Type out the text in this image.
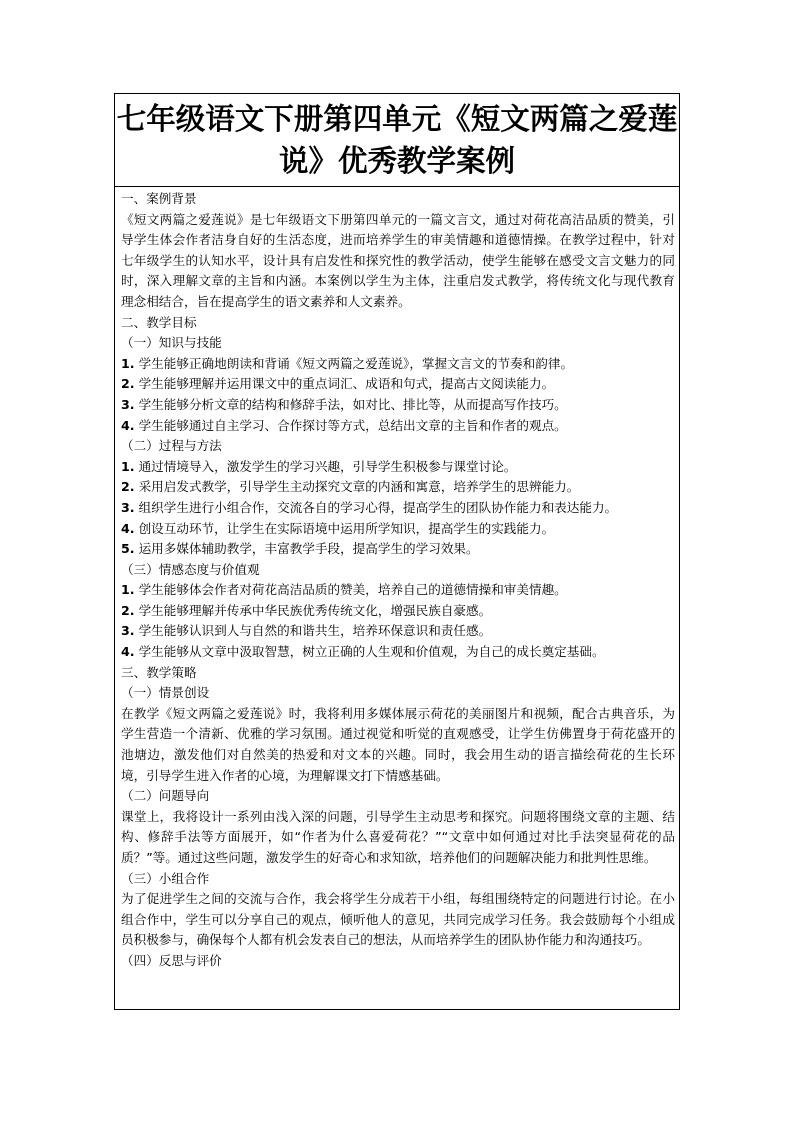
七年级语文下册第四单元《短文两篇之爱莲说》优秀教学案例

一、案例背景

《短文两篇之爱莲说》是七年级语文下册第四单元的一篇文言文，通过对荷花高洁品质的赞美，引导学生体会作者洁身自好的生活态度，进而培养学生的审美情趣和道德情操。在教学过程中，针对七年级学生的认知水平，设计具有启发性和探究性的教学活动，使学生能够在感受文言文魅力的同时，深入理解文章的主旨和内涵。本案例以学生为主体，注重启发式教学，将传统文化与现代教育理念相结合，旨在提高学生的语文素养和人文素养。

二、教学目标

（一）知识与技能

1. 学生能够正确地朗读和背诵《短文两篇之爱莲说》，掌握文言文的节奏和韵律。

2. 学生能够理解并运用课文中的重点词汇、成语和句式，提高古文阅读能力。

3. 学生能够分析文章的结构和修辞手法，如对比、排比等，从而提高写作技巧。

4. 学生能够通过自主学习、合作探讨等方式，总结出文章的主旨和作者的观点。

（二）过程与方法

1. 通过情境导入，激发学生的学习兴趣，引导学生积极参与课堂讨论。

2. 采用启发式教学，引导学生主动探究文章的内涵和寓意，培养学生的思辨能力。

3. 组织学生进行小组合作，交流各自的学习心得，提高学生的团队协作能力和表达能力。

4. 创设互动环节，让学生在实际语境中运用所学知识，提高学生的实践能力。

5. 运用多媒体辅助教学，丰富教学手段，提高学生的学习效果。

（三）情感态度与价值观

1. 学生能够体会作者对荷花高洁品质的赞美，培养自己的道德情操和审美情趣。

2. 学生能够理解并传承中华民族优秀传统文化，增强民族自豪感。

3. 学生能够认识到人与自然的和谐共生，培养环保意识和责任感。

4. 学生能够从文章中汲取智慧，树立正确的人生观和价值观，为自己的成长奠定基础。

三、教学策略

（一）情景创设

在教学《短文两篇之爱莲说》时，我将利用多媒体展示荷花的美丽图片和视频，配合古典音乐，为学生营造一个清新、优雅的学习氛围。通过视觉和听觉的直观感受，让学生仿佛置身于荷花盛开的池塘边，激发他们对自然美的热爱和对文本的兴趣。同时，我会用生动的语言描绘荷花的生长环境，引导学生进入作者的心境，为理解课文打下情感基础。

（二）问题导向

课堂上，我将设计一系列由浅入深的问题，引导学生主动思考和探究。问题将围绕文章的主题、结构、修辞手法等方面展开，如“作者为什么喜爱荷花？”“文章中如何通过对比手法突显荷花的品质？”等。通过这些问题，激发学生的好奇心和求知欲，培养他们的问题解决能力和批判性思维。

（三）小组合作

为了促进学生之间的交流与合作，我会将学生分成若干小组，每组围绕特定的问题进行讨论。在小组合作中，学生可以分享自己的观点，倾听他人的意见，共同完成学习任务。我会鼓励每个小组成员积极参与，确保每个人都有机会发表自己的想法，从而培养学生的团队协作能力和沟通技巧。

（四）反思与评价
